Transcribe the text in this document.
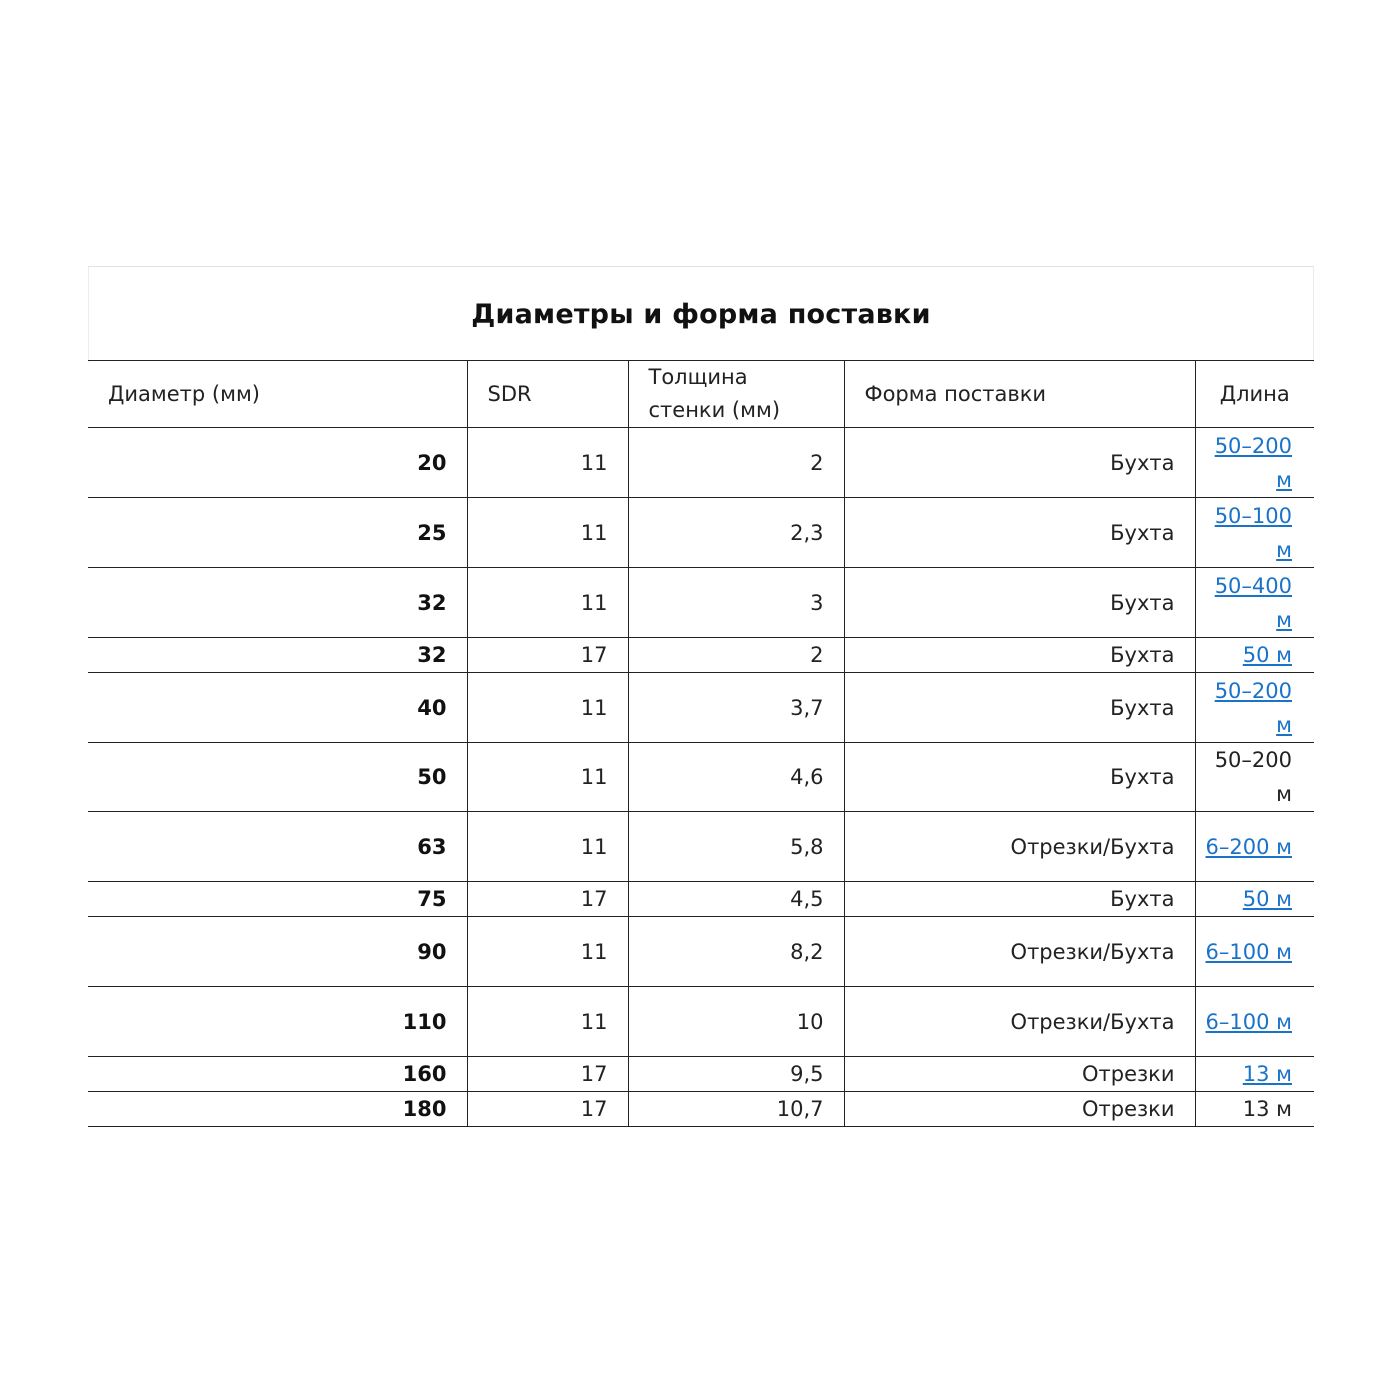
Диаметры и форма поставки
Диаметр (мм)	SDR	Толщина стенки (мм)	Форма поставки	Длина
20	11	2	Бухта	50–200 м
25	11	2,3	Бухта	50–100 м
32	11	3	Бухта	50–400 м
32	17	2	Бухта	50 м
40	11	3,7	Бухта	50–200 м
50	11	4,6	Бухта	50–200 м
63	11	5,8	Отрезки/Бухта	6–200 м
75	17	4,5	Бухта	50 м
90	11	8,2	Отрезки/Бухта	6–100 м
110	11	10	Отрезки/Бухта	6–100 м
160	17	9,5	Отрезки	13 м
180	17	10,7	Отрезки	13 м
